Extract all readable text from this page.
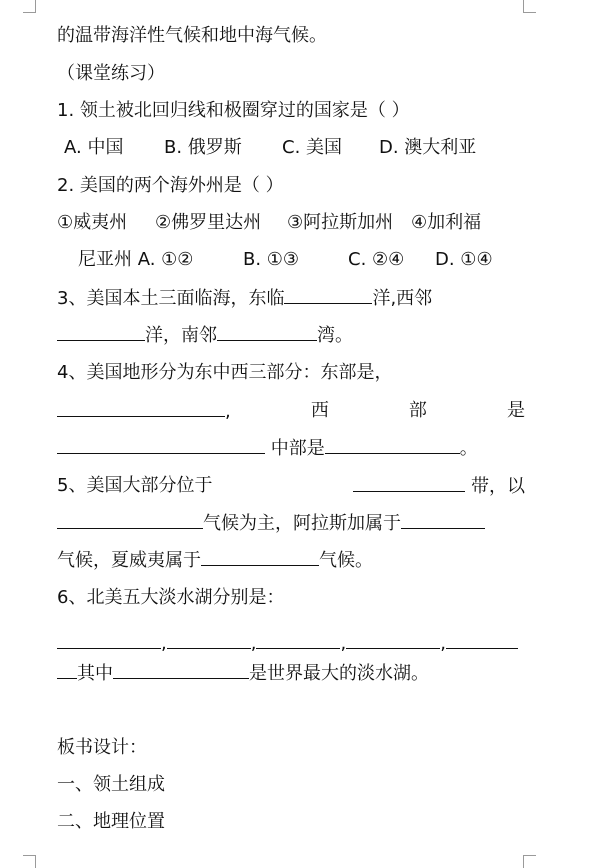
的温带海洋性气候和地中海气候。
（课堂练习）
1. 领土被北回归线和极圈穿过的国家是（ ）
A. 中国 B. 俄罗斯 C. 美国 D. 澳大利亚
2. 美国的两个海外州是（ ）
①威夷州 ②佛罗里达州 ③阿拉斯加州 ④加利福
尼亚州 A. ①②	B. ①③	C. ②④ D. ①④
3、美国本土三面临海，东临	洋,西邻
洋，南邻	湾。
4、美国地形分为东中西三部分：东部是，
,	西	部	是
中部是	。
5、美国大部分位于	带，以
气候为主，阿拉斯加属于
气候，夏威夷属于	气候。
6、北美五大淡水湖分别是：
,	,	,	,
其中	是世界最大的淡水湖。
板书设计：
一、领土组成
二、地理位置
